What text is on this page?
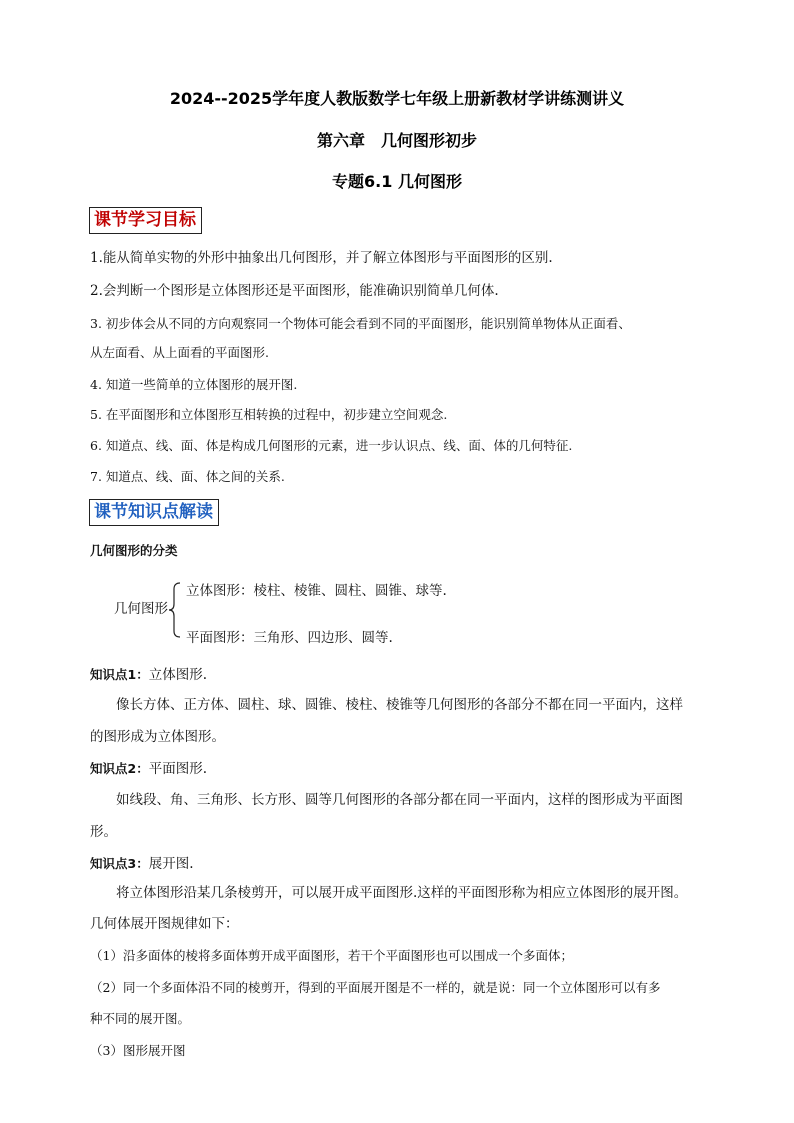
2024--2025学年度人教版数学七年级上册新教材学讲练测讲义
第六章　几何图形初步
专题6.1 几何图形
课节学习目标
1.能从简单实物的外形中抽象出几何图形，并了解立体图形与平面图形的区别.
2.会判断一个图形是立体图形还是平面图形，能准确识别简单几何体.
3. 初步体会从不同的方向观察同一个物体可能会看到不同的平面图形，能识别简单物体从正面看、
从左面看、从上面看的平面图形.
4. 知道一些简单的立体图形的展开图.
5. 在平面图形和立体图形互相转换的过程中，初步建立空间观念.
6. 知道点、线、面、体是构成几何图形的元素，进一步认识点、线、面、体的几何特征.
7. 知道点、线、面、体之间的关系.
课节知识点解读
几何图形的分类
几何图形
立体图形：棱柱、棱锥、圆柱、圆锥、球等.
平面图形：三角形、四边形、圆等.
知识点1：立体图形.
像长方体、正方体、圆柱、球、圆锥、棱柱、棱锥等几何图形的各部分不都在同一平面内，这样
的图形成为立体图形。
知识点2：平面图形.
如线段、角、三角形、长方形、圆等几何图形的各部分都在同一平面内，这样的图形成为平面图
形。
知识点3：展开图.
将立体图形沿某几条棱剪开，可以展开成平面图形.这样的平面图形称为相应立体图形的展开图。
几何体展开图规律如下：
（1）沿多面体的棱将多面体剪开成平面图形，若干个平面图形也可以围成一个多面体；
（2）同一个多面体沿不同的棱剪开，得到的平面展开图是不一样的，就是说：同一个立体图形可以有多
种不同的展开图。
（3）图形展开图
